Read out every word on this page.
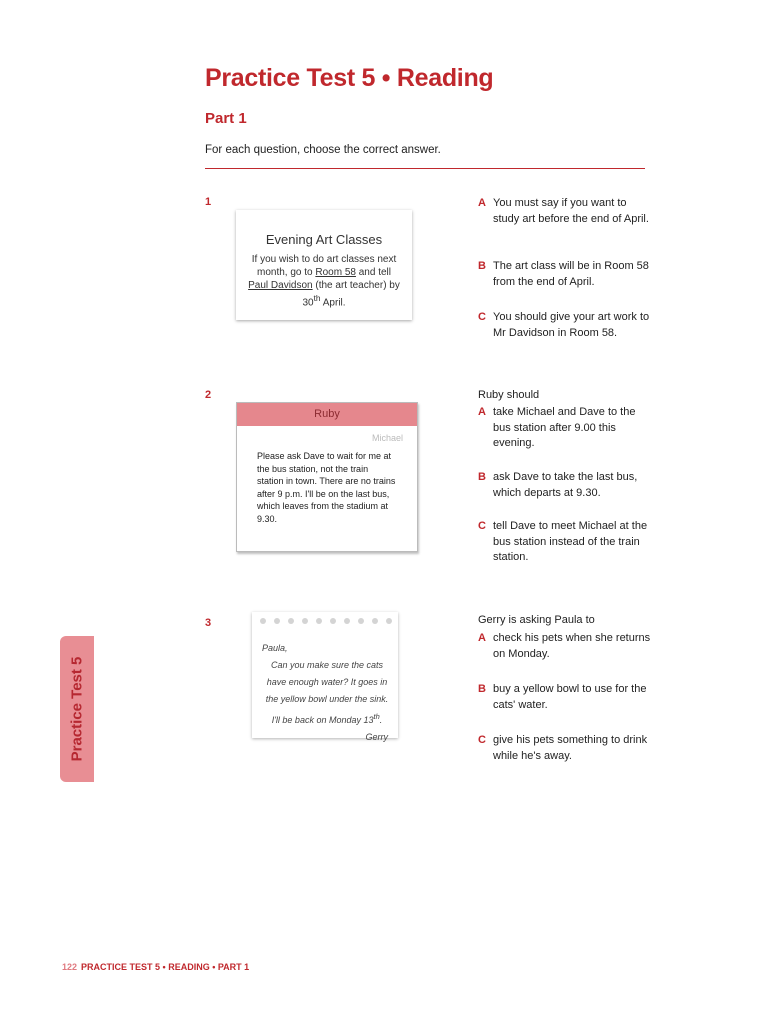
Practice Test 5 • Reading
Part 1
For each question, choose the correct answer.
1
Evening Art Classes
If you wish to do art classes next month, go to Room 58 and tell Paul Davidson (the art teacher) by 30th April.
A You must say if you want to study art before the end of April.
B The art class will be in Room 58 from the end of April.
C You should give your art work to Mr Davidson in Room 58.
2
Ruby
Michael
Please ask Dave to wait for me at the bus station, not the train station in town. There are no trains after 9 p.m. I'll be on the last bus, which leaves from the stadium at 9.30.
Ruby should
A take Michael and Dave to the bus station after 9.00 this evening.
B ask Dave to take the last bus, which departs at 9.30.
C tell Dave to meet Michael at the bus station instead of the train station.
3
Paula,
Can you make sure the cats
have enough water? It goes in
the yellow bowl under the sink.
I'll be back on Monday 13th.
Gerry
Gerry is asking Paula to
A check his pets when she returns on Monday.
B buy a yellow bowl to use for the cats' water.
C give his pets something to drink while he's away.
Practice Test 5
122 PRACTICE TEST 5 • READING • PART 1
